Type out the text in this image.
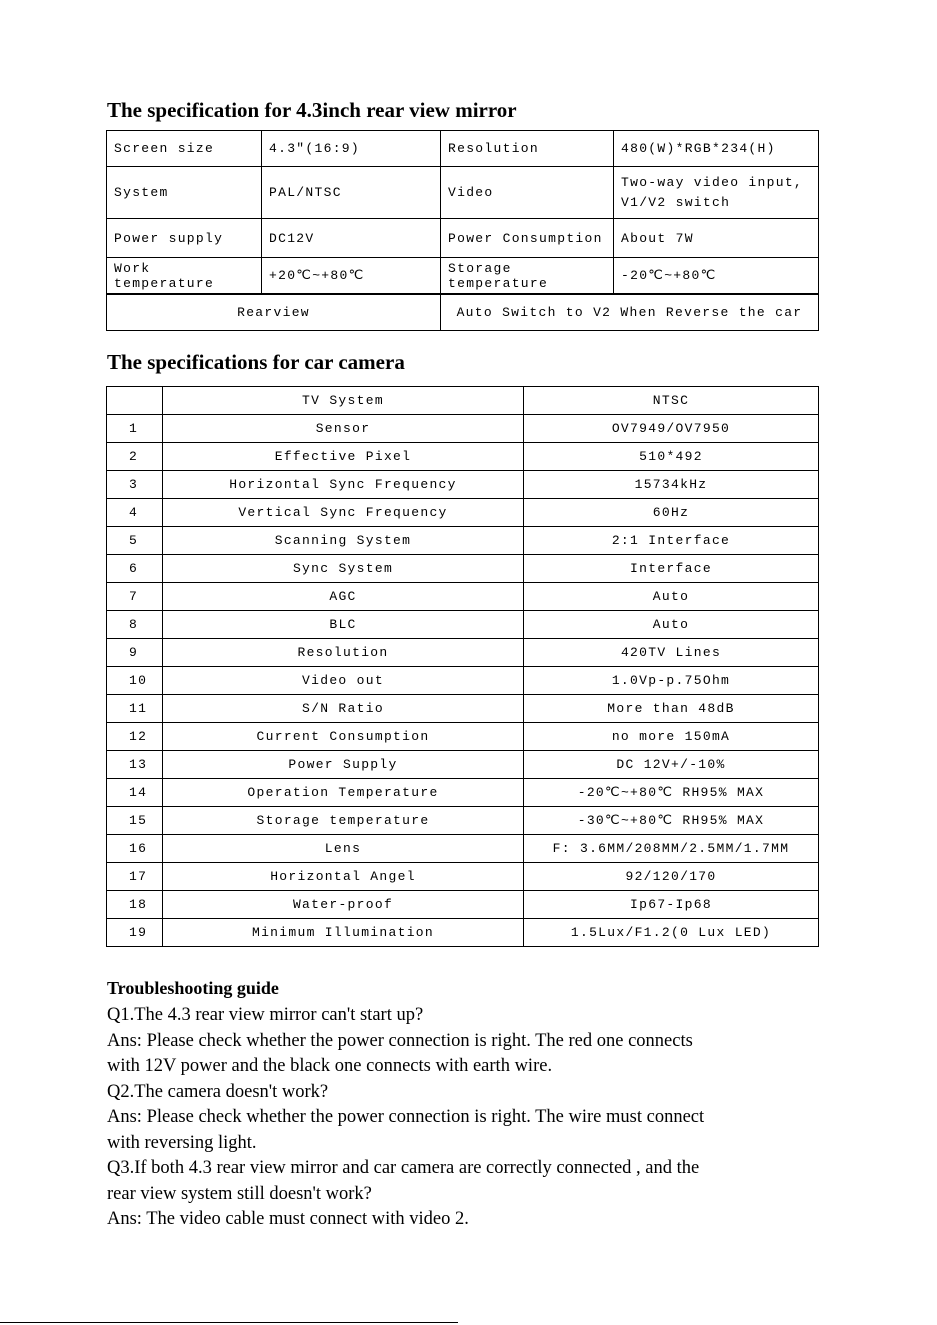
The specification for 4.3inch rear view mirror
Screen size	4.3″(16:9)	Resolution	480(W)*RGB*234(H)
System	PAL/NTSC	Video	Two-way video input, V1/V2 switch
Power supply	DC12V	Power Consumption	About 7W
Work temperature	+20℃~+80℃	Storage temperature	-20℃~+80℃
Rearview		Auto Switch to V2 When Reverse the car	
The specifications for car camera
	TV System	NTSC
1	Sensor	OV7949/OV7950
2	Effective Pixel	510*492
3	Horizontal Sync Frequency	15734kHz
4	Vertical Sync Frequency	60Hz
5	Scanning System	2:1 Interface
6	Sync System	Interface
7	AGC	Auto
8	BLC	Auto
9	Resolution	420TV Lines
10	Video out	1.0Vp-p.75Ohm
11	S/N Ratio	More than 48dB
12	Current Consumption	no more 150mA
13	Power Supply	DC 12V+/-10%
14	Operation Temperature	-20℃~+80℃ RH95% MAX
15	Storage temperature	-30℃~+80℃ RH95% MAX
16	Lens	F: 3.6MM/208MM/2.5MM/1.7MM
17	Horizontal Angel	92/120/170
18	Water-proof	Ip67-Ip68
19	Minimum Illumination	1.5Lux/F1.2(0 Lux LED)
Troubleshooting guide

Q1.The 4.3 rear view mirror can't start up?

Ans: Please check whether the power connection is right. The red one connects

with 12V power and the black one connects with earth wire.

Q2.The camera doesn't work?

Ans: Please check whether the power connection is right. The wire must connect

with reversing light.

Q3.If both 4.3 rear view mirror and car camera are correctly connected , and the

rear view system still doesn't work?

Ans: The video cable must connect with video 2.
